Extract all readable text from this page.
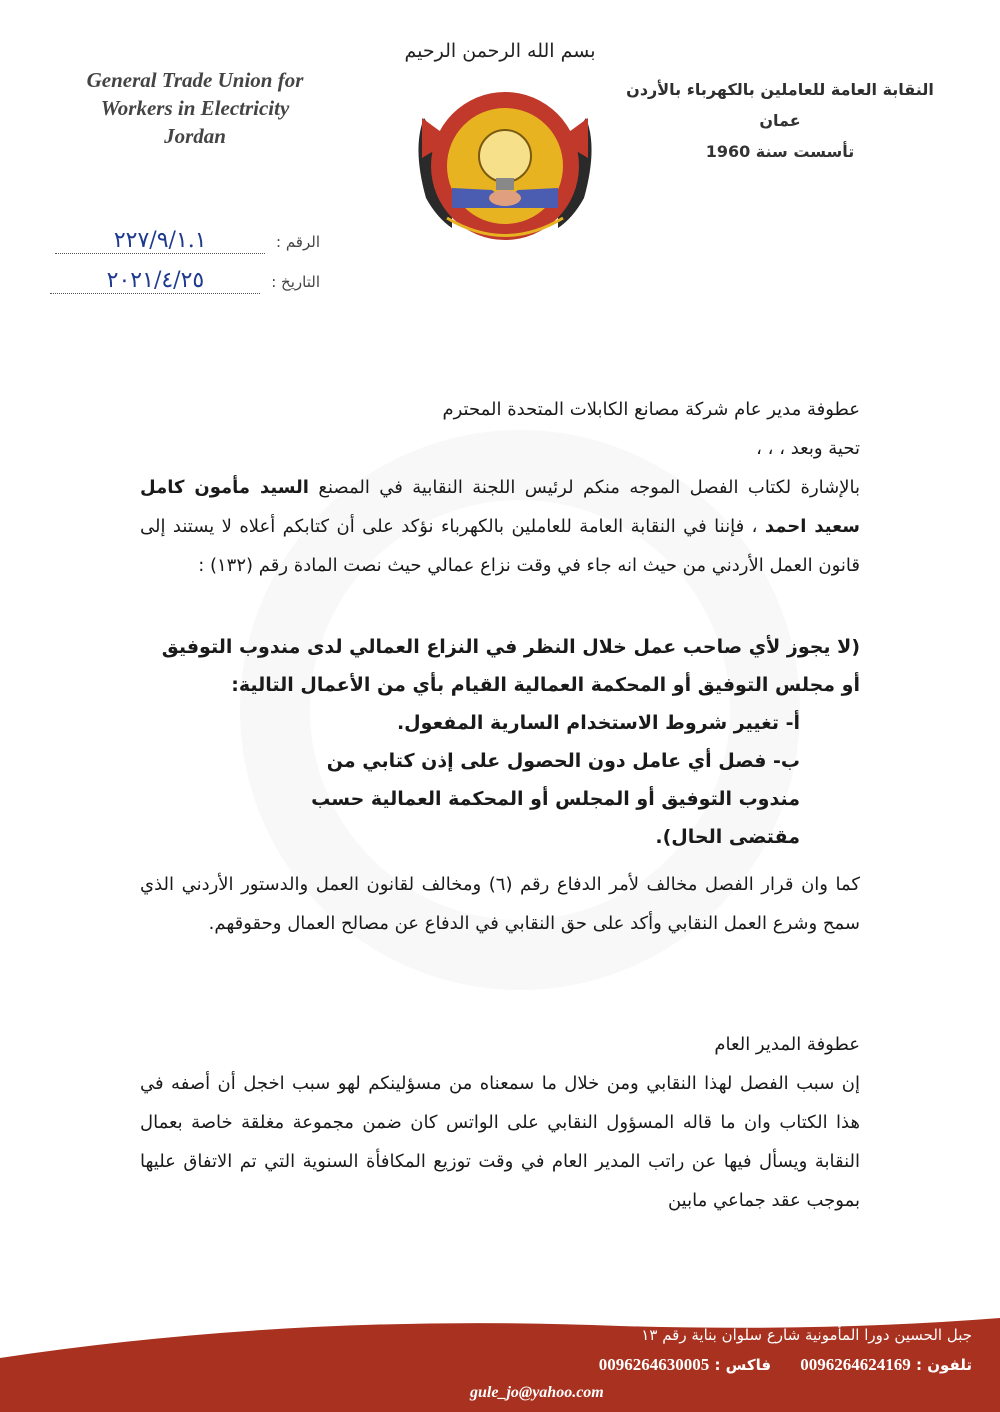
General Trade Union for
Workers in Electricity
Jordan
بسم الله الرحمن الرحيم
النقابة العامة للعاملين بالكهرباء بالأردن
عمان
تأسست سنة 1960
الرقم : ٢٢٧/٩/١.١
التاريخ : ٢٠٢١/٤/٢٥
عطوفة مدير عام شركة مصانع الكابلات المتحدة المحترم
تحية وبعد ، ، ،
بالإشارة لكتاب الفصل الموجه منكم لرئيس اللجنة النقابية في المصنع السيد مأمون كامل سعيد احمد ، فإننا في النقابة العامة للعاملين بالكهرباء نؤكد على أن كتابكم أعلاه لا يستند إلى قانون العمل الأردني من حيث انه جاء في وقت نزاع عمالي حيث نصت المادة رقم (١٣٢) :
(لا يجوز لأي صاحب عمل خلال النظر في النزاع العمالي لدى مندوب التوفيق أو مجلس التوفيق أو المحكمة العمالية القيام بأي من الأعمال التالية:
أ- تغيير شروط الاستخدام السارية المفعول.
ب- فصل أي عامل دون الحصول على إذن كتابي من مندوب التوفيق أو المجلس أو المحكمة العمالية حسب مقتضى الحال).
كما وان قرار الفصل مخالف لأمر الدفاع رقم (٦) ومخالف لقانون العمل والدستور الأردني الذي سمح وشرع العمل النقابي وأكد على حق النقابي في الدفاع عن مصالح العمال وحقوقهم.
عطوفة المدير العام
إن سبب الفصل لهذا النقابي ومن خلال ما سمعناه من مسؤلينكم لهو سبب اخجل أن أصفه في هذا الكتاب وان ما قاله المسؤول النقابي على الواتس كان ضمن مجموعة مغلقة خاصة بعمال النقابة ويسأل فيها عن راتب المدير العام في وقت توزيع المكافأة السنوية التي تم الاتفاق عليها بموجب عقد جماعي مابين
جبل الحسين دورا المأمونية شارع سلوان بناية رقم ١٣
تلفون : 0096264624169 فاكس : 0096264630005
gule_jo@yahoo.com
